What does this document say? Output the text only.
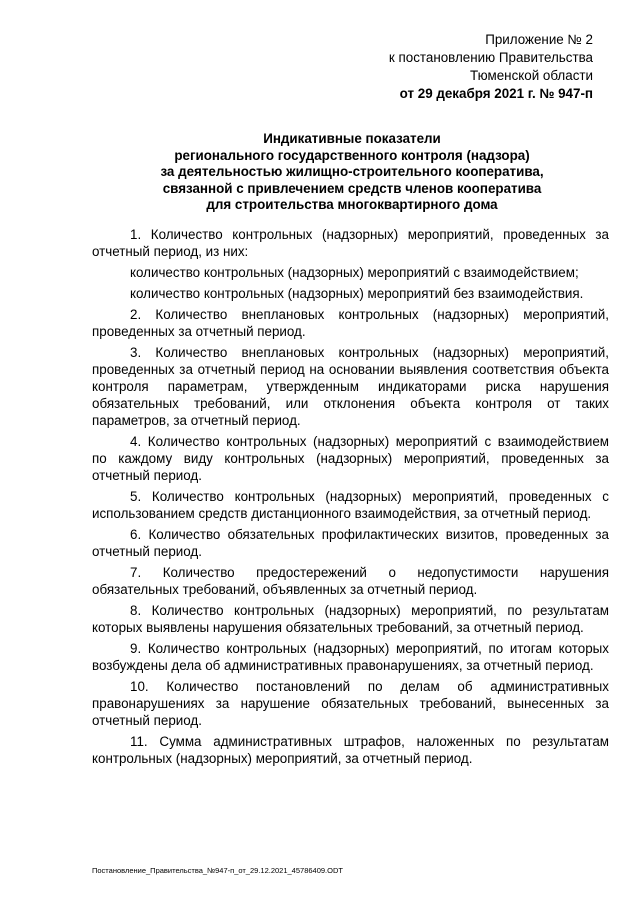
Приложение № 2
к постановлению Правительства
Тюменской области
от 29 декабря 2021 г. № 947-п
Индикативные показатели
регионального государственного контроля (надзора)
за деятельностью жилищно-строительного кооператива,
связанной с привлечением средств членов кооператива
для строительства многоквартирного дома

1. Количество контрольных (надзорных) мероприятий, проведенных за отчетный период, из них:

количество контрольных (надзорных) мероприятий с взаимодействием;

количество контрольных (надзорных) мероприятий без взаимодействия.

2. Количество внеплановых контрольных (надзорных) мероприятий, проведенных за отчетный период.

3. Количество внеплановых контрольных (надзорных) мероприятий, проведенных за отчетный период на основании выявления соответствия объекта контроля параметрам, утвержденным индикаторами риска нарушения обязательных требований, или отклонения объекта контроля от таких параметров, за отчетный период.

4. Количество контрольных (надзорных) мероприятий с взаимодействием по каждому виду контрольных (надзорных) мероприятий, проведенных за отчетный период.

5. Количество контрольных (надзорных) мероприятий, проведенных с использованием средств дистанционного взаимодействия, за отчетный период.

6. Количество обязательных профилактических визитов, проведенных за отчетный период.

7. Количество предостережений о недопустимости нарушения обязательных требований, объявленных за отчетный период.

8. Количество контрольных (надзорных) мероприятий, по результатам которых выявлены нарушения обязательных требований, за отчетный период.

9. Количество контрольных (надзорных) мероприятий, по итогам которых возбуждены дела об административных правонарушениях, за отчетный период.

10. Количество постановлений по делам об административных правонарушениях за нарушение обязательных требований, вынесенных за отчетный период.

11. Сумма административных штрафов, наложенных по результатам контрольных (надзорных) мероприятий, за отчетный период.

Постановление_Правительства_№947-п_от_29.12.2021_45786409.ODT
